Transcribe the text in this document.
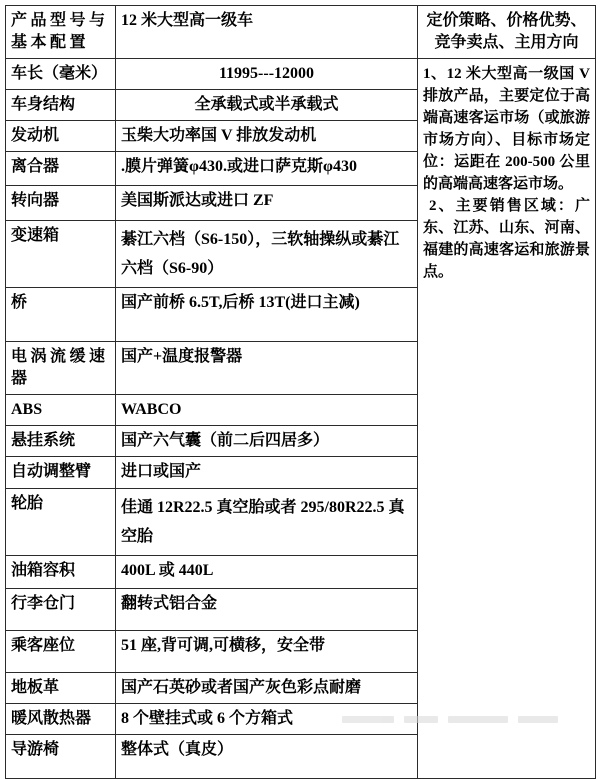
产品型号与基本配置	12 米大型高一级车	定价策略、价格优势、竞争卖点、主用方向
车长（毫米）	11995---12000	1、12 米大型高一级国 V 排放产品，主要定位于高端高速客运市场（或旅游市场方向）、目标市场定位：运距在 200-500 公里的高端高速客运市场。

2、主要销售区域：广东、江苏、山东、河南、福建的高速客运和旅游景点。

车身结构	全承载式或半承载式	
发动机	玉柴大功率国 V 排放发动机	
离合器	.膜片弹簧φ430.或进口萨克斯φ430	
转向器	美国斯派达或进口 ZF	
变速箱	綦江六档（S6-150），三软轴操纵或綦江六档（S6-90）	
桥	国产前桥 6.5T,后桥 13T(进口主减)	
电涡流缓速器	国产+温度报警器	
ABS	WABCO	
悬挂系统	国产六气囊（前二后四居多）	
自动调整臂	进口或国产	
轮胎	佳通 12R22.5 真空胎或者 295/80R22.5 真空胎	
油箱容积	400L 或 440L	
行李仓门	翻转式铝合金	
乘客座位	51 座,背可调,可横移，安全带	
地板革	国产石英砂或者国产灰色彩点耐磨	
暖风散热器	8 个壁挂式或 6 个方箱式	
导游椅	整体式（真皮）	
